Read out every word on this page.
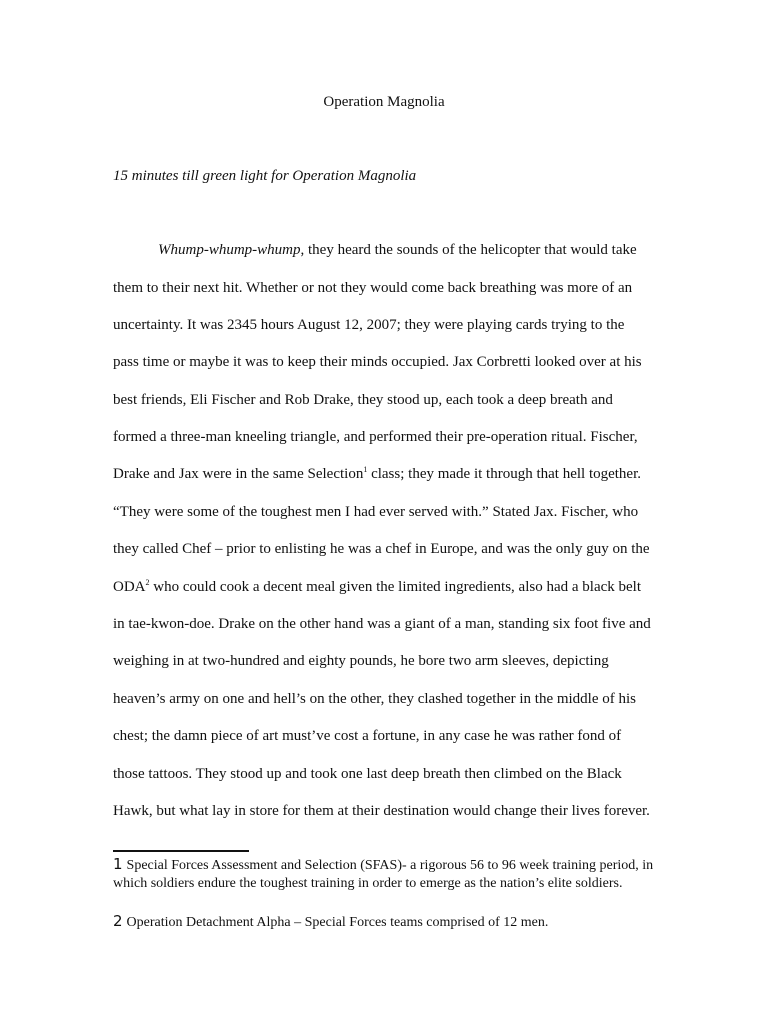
Operation Magnolia
15 minutes till green light for Operation Magnolia
Whump-whump-whump, they heard the sounds of the helicopter that would take
them to their next hit. Whether or not they would come back breathing was more of an
uncertainty. It was 2345 hours August 12, 2007; they were playing cards trying to the
pass time or maybe it was to keep their minds occupied. Jax Corbretti looked over at his
best friends, Eli Fischer and Rob Drake, they stood up, each took a deep breath and
formed a three-man kneeling triangle, and performed their pre-operation ritual. Fischer,
Drake and Jax were in the same Selection$^1$ class; they made it through that hell together.
“They were some of the toughest men I had ever served with.” Stated Jax. Fischer, who
they called Chef – prior to enlisting he was a chef in Europe, and was the only guy on the
ODA$^2$ who could cook a decent meal given the limited ingredients, also had a black belt
in tae-kwon-doe. Drake on the other hand was a giant of a man, standing six foot five and
weighing in at two-hundred and eighty pounds, he bore two arm sleeves, depicting
heaven’s army on one and hell’s on the other, they clashed together in the middle of his
chest; the damn piece of art must’ve cost a fortune, in any case he was rather fond of
those tattoos. They stood up and took one last deep breath then climbed on the Black
Hawk, but what lay in store for them at their destination would change their lives forever.
1 Special Forces Assessment and Selection (SFAS)- a rigorous 56 to 96 week training period, in which soldiers endure the toughest training in order to emerge as the nation’s elite soldiers.
2 Operation Detachment Alpha – Special Forces teams comprised of 12 men.
